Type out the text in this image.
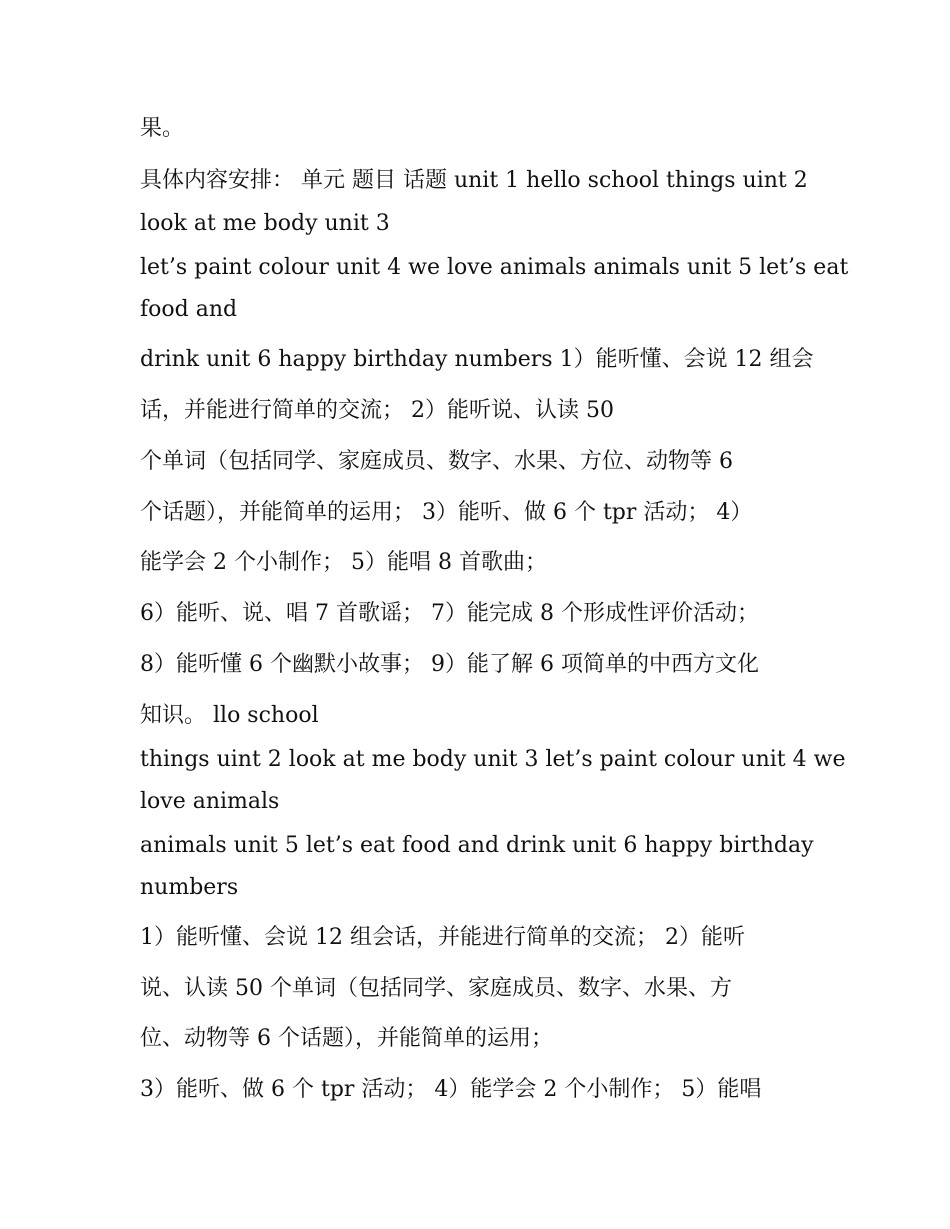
果。
具体内容安排： 单元 题目 话题 unit 1 hello school things uint 2
look at me body unit 3
let’s paint colour unit 4 we love animals animals unit 5 let’s eat
food and
drink unit 6 happy birthday numbers 1）能听懂、会说 12 组会
话，并能进行简单的交流； 2）能听说、认读 50
个单词（包括同学、家庭成员、数字、水果、方位、动物等 6
个话题），并能简单的运用； 3）能听、做 6 个 tpr 活动； 4）
能学会 2 个小制作； 5）能唱 8 首歌曲；
6）能听、说、唱 7 首歌谣； 7）能完成 8 个形成性评价活动；
8）能听懂 6 个幽默小故事； 9）能了解 6 项简单的中西方文化
知识。 llo school
things uint 2 look at me body unit 3 let’s paint colour unit 4 we
love animals
animals unit 5 let’s eat food and drink unit 6 happy birthday
numbers
1）能听懂、会说 12 组会话，并能进行简单的交流； 2）能听
说、认读 50 个单词（包括同学、家庭成员、数字、水果、方
位、动物等 6 个话题），并能简单的运用；
3）能听、做 6 个 tpr 活动； 4）能学会 2 个小制作； 5）能唱
